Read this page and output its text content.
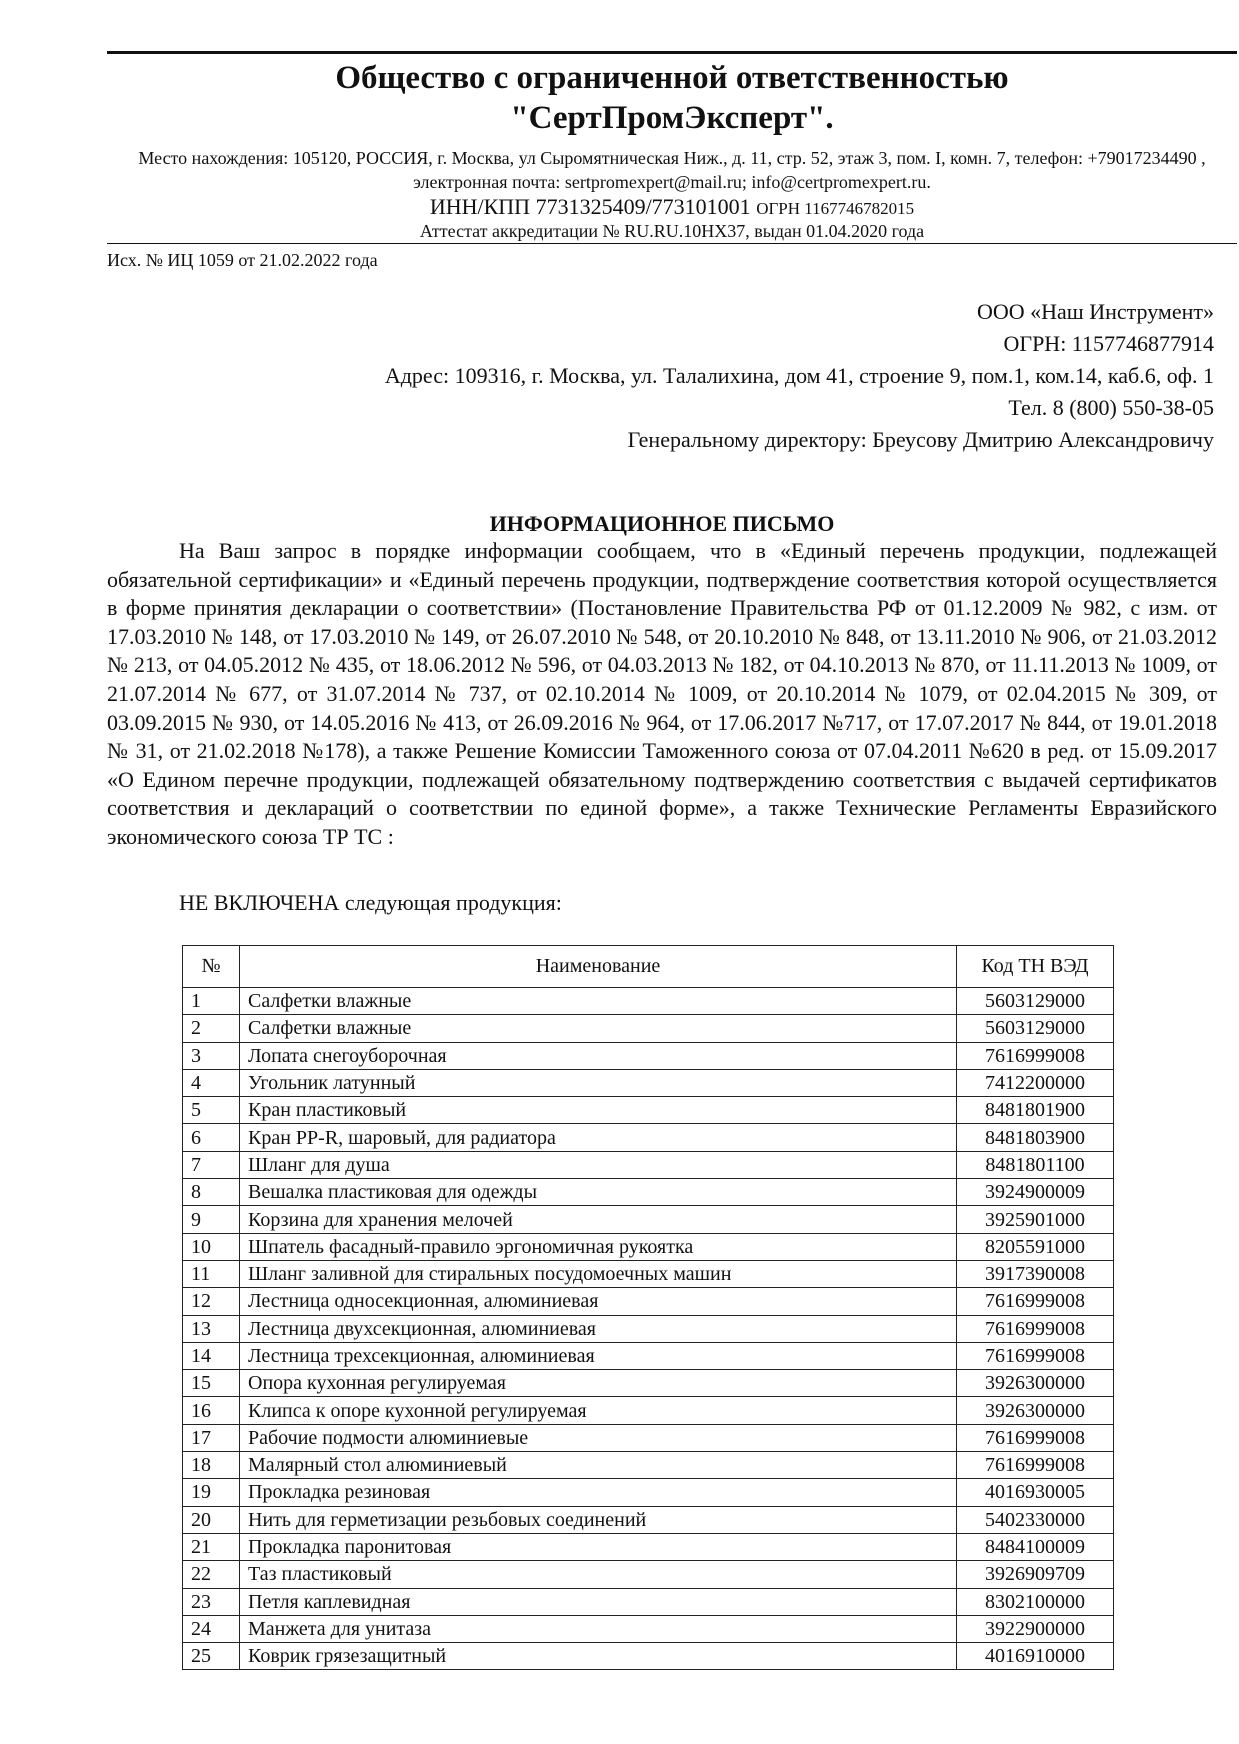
Общество с ограниченной ответственностью
"СертПромЭксперт".
Место нахождения: 105120, РОССИЯ, г. Москва, ул Сыромятническая Ниж., д. 11, стр. 52, этаж 3, пом. I, комн. 7, телефон: +79017234490 , электронная почта: sertpromexpert@mail.ru; info@certpromexpert.ru.
ИНН/КПП 7731325409/773101001 ОГРН 1167746782015
Аттестат аккредитации № RU.RU.10НХ37, выдан 01.04.2020 года
Исх. № ИЦ 1059 от 21.02.2022 года
ООО «Наш Инструмент»
ОГРН: 1157746877914
Адрес: 109316, г. Москва, ул. Талалихина, дом 41, строение 9, пом.1, ком.14, каб.6, оф. 1
Тел. 8 (800) 550-38-05
Генеральному директору: Бреусову Дмитрию Александровичу
ИНФОРМАЦИОННОЕ ПИСЬМО
На Ваш запрос в порядке информации сообщаем, что в «Единый перечень продукции, подлежащей обязательной сертификации» и «Единый перечень продукции, подтверждение соответствия которой осуществляется в форме принятия декларации о соответствии» (Постановление Правительства РФ от 01.12.2009 № 982, с изм. от 17.03.2010 № 148, от 17.03.2010 № 149, от 26.07.2010 № 548, от 20.10.2010 № 848, от 13.11.2010 № 906, от 21.03.2012 № 213, от 04.05.2012 № 435, от 18.06.2012 № 596, от 04.03.2013 № 182, от 04.10.2013 № 870, от 11.11.2013 № 1009, от 21.07.2014 № 677, от 31.07.2014 № 737, от 02.10.2014 № 1009, от 20.10.2014 № 1079, от 02.04.2015 № 309, от 03.09.2015 № 930, от 14.05.2016 № 413, от 26.09.2016 № 964, от 17.06.2017 №717, от 17.07.2017 № 844, от 19.01.2018 № 31, от 21.02.2018 №178), а также Решение Комиссии Таможенного союза от 07.04.2011 №620 в ред. от 15.09.2017 «О Едином перечне продукции, подлежащей обязательному подтверждению соответствия с выдачей сертификатов соответствия и деклараций о соответствии по единой форме», а также Технические Регламенты Евразийского экономического союза ТР ТС :
НЕ ВКЛЮЧЕНА следующая продукция:
№	Наименование	Код ТН ВЭД
1	Салфетки влажные	5603129000
2	Салфетки влажные	5603129000
3	Лопата снегоуборочная	7616999008
4	Угольник латунный	7412200000
5	Кран пластиковый	8481801900
6	Кран PP-R, шаровый, для радиатора	8481803900
7	Шланг для душа	8481801100
8	Вешалка пластиковая для одежды	3924900009
9	Корзина для хранения мелочей	3925901000
10	Шпатель фасадный-правило эргономичная рукоятка	8205591000
11	Шланг заливной для стиральных посудомоечных машин	3917390008
12	Лестница односекционная, алюминиевая	7616999008
13	Лестница двухсекционная, алюминиевая	7616999008
14	Лестница трехсекционная, алюминиевая	7616999008
15	Опора кухонная регулируемая	3926300000
16	Клипса к опоре кухонной регулируемая	3926300000
17	Рабочие подмости алюминиевые	7616999008
18	Малярный стол алюминиевый	7616999008
19	Прокладка резиновая	4016930005
20	Нить для герметизации резьбовых соединений	5402330000
21	Прокладка паронитовая	8484100009
22	Таз пластиковый	3926909709
23	Петля каплевидная	8302100000
24	Манжета для унитаза	3922900000
25	Коврик грязезащитный	4016910000
